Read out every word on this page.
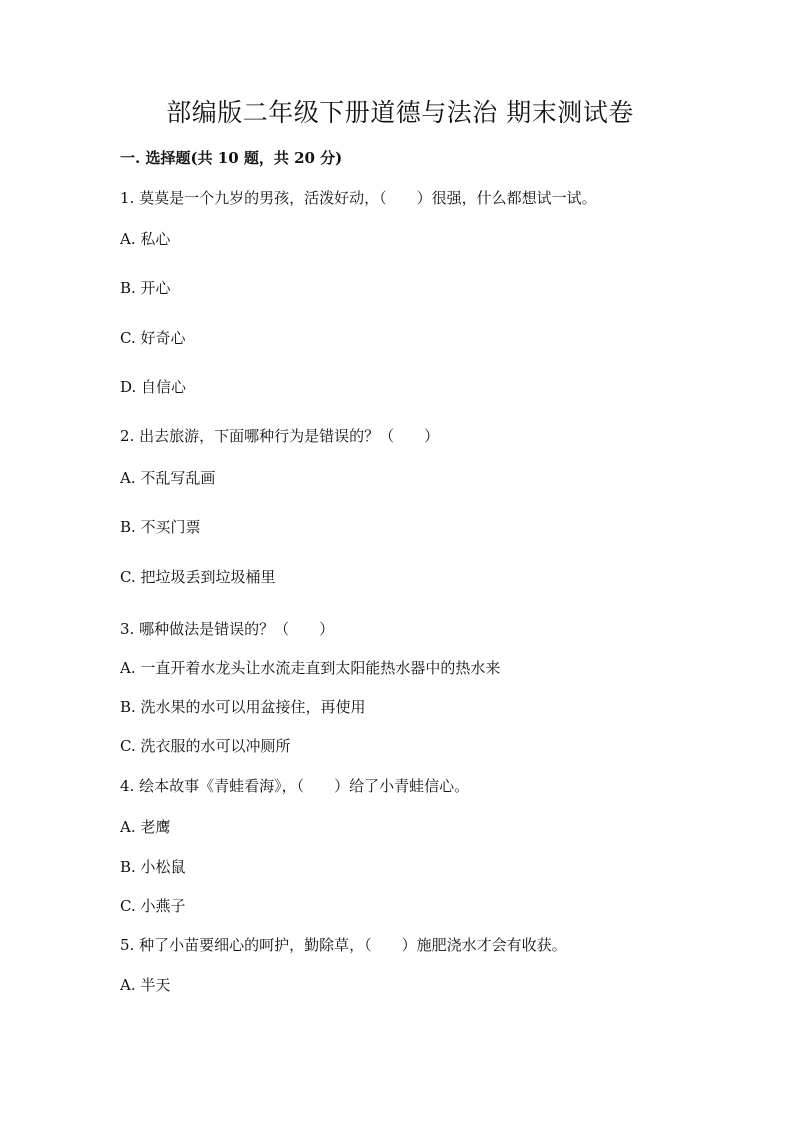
部编版二年级下册道德与法治 期末测试卷
一. 选择题(共 10 题，共 20 分)
1. 莫莫是一个九岁的男孩，活泼好动，（　　）很强，什么都想试一试。
A. 私心
B. 开心
C. 好奇心
D. 自信心
2. 出去旅游，下面哪种行为是错误的？（　　）
A. 不乱写乱画
B. 不买门票
C. 把垃圾丢到垃圾桶里
3. 哪种做法是错误的？（　　）
A. 一直开着水龙头让水流走直到太阳能热水器中的热水来
B. 洗水果的水可以用盆接住，再使用
C. 洗衣服的水可以冲厕所
4. 绘本故事《青蛙看海》，（　　）给了小青蛙信心。
A. 老鹰
B. 小松鼠
C. 小燕子
5. 种了小苗要细心的呵护，勤除草，（　　）施肥浇水才会有收获。
A. 半天
